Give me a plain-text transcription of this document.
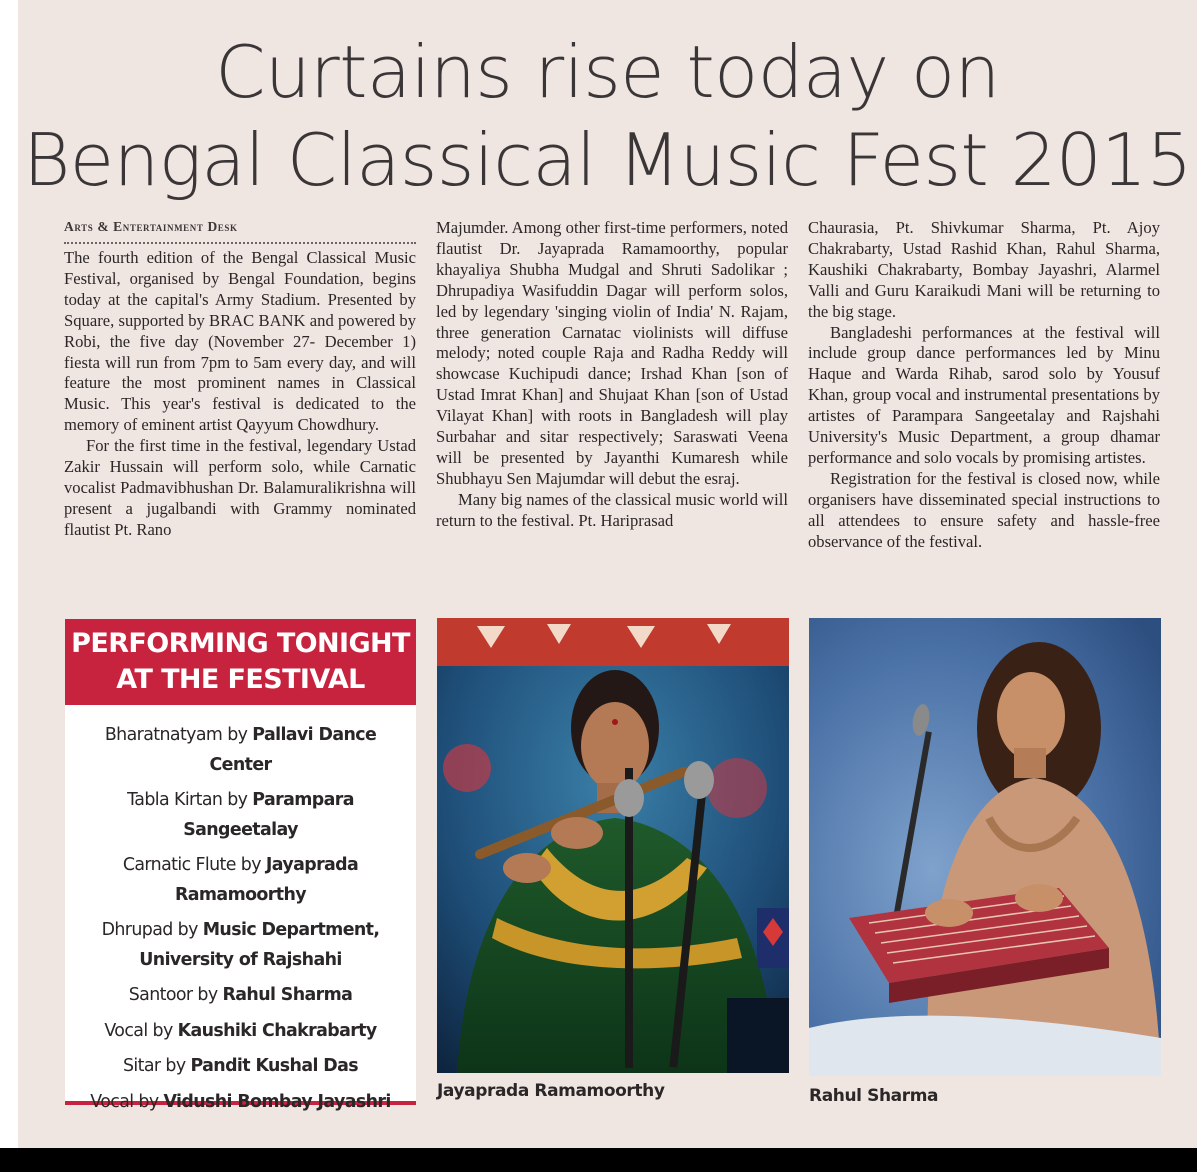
Curtains rise today on
Bengal Classical Music Fest 2015
Arts & Entertainment Desk

The fourth edition of the Bengal Classical Music Festival, organised by Bengal Foundation, begins today at the capital's Army Stadium. Presented by Square, supported by BRAC BANK and powered by Robi, the five day (November 27- December 1) fiesta will run from 7pm to 5am every day, and will feature the most prominent names in Classical Music. This year's festival is dedicated to the memory of eminent artist Qayyum Chowdhury.

For the first time in the festival, legendary Ustad Zakir Hussain will perform solo, while Carnatic vocalist Padmavibhushan Dr. Balamuralikrishna will present a jugalbandi with Grammy nominated flautist Pt. Rano

Majumder. Among other first-time performers, noted flautist Dr. Jayaprada Ramamoorthy, popular khayaliya Shubha Mudgal and Shruti Sadolikar ; Dhrupadiya Wasifuddin Dagar will perform solos, led by legendary 'singing violin of India' N. Rajam, three generation Carnatac violinists will diffuse melody; noted couple Raja and Radha Reddy will showcase Kuchipudi dance; Irshad Khan [son of Ustad Imrat Khan] and Shujaat Khan [son of Ustad Vilayat Khan] with roots in Bangladesh will play Surbahar and sitar respectively; Saraswati Veena will be presented by Jayanthi Kumaresh while Shubhayu Sen Majumdar will debut the esraj.

Many big names of the classical music world will return to the festival. Pt. Hariprasad

Chaurasia, Pt. Shivkumar Sharma, Pt. Ajoy Chakrabarty, Ustad Rashid Khan, Rahul Sharma, Kaushiki Chakrabarty, Bombay Jayashri, Alarmel Valli and Guru Karaikudi Mani will be returning to the big stage.

Bangladeshi performances at the festival will include group dance performances led by Minu Haque and Warda Rihab, sarod solo by Yousuf Khan, group vocal and instrumental presentations by artistes of Parampara Sangeetalay and Rajshahi University's Music Department, a group dhamar performance and solo vocals by promising artistes.

Registration for the festival is closed now, while organisers have disseminated special instructions to all attendees to ensure safety and hassle-free observance of the festival.

PERFORMING TONIGHT
AT THE FESTIVAL
Bharatnatyam by Pallavi Dance Center
Tabla Kirtan by Parampara Sangeetalay
Carnatic Flute by Jayaprada Ramamoorthy
Dhrupad by Music Department, University of Rajshahi
Santoor by Rahul Sharma
Vocal by Kaushiki Chakrabarty
Sitar by Pandit Kushal Das
Vocal by Vidushi Bombay Jayashri
Jayaprada Ramamoorthy	Rahul Sharma
